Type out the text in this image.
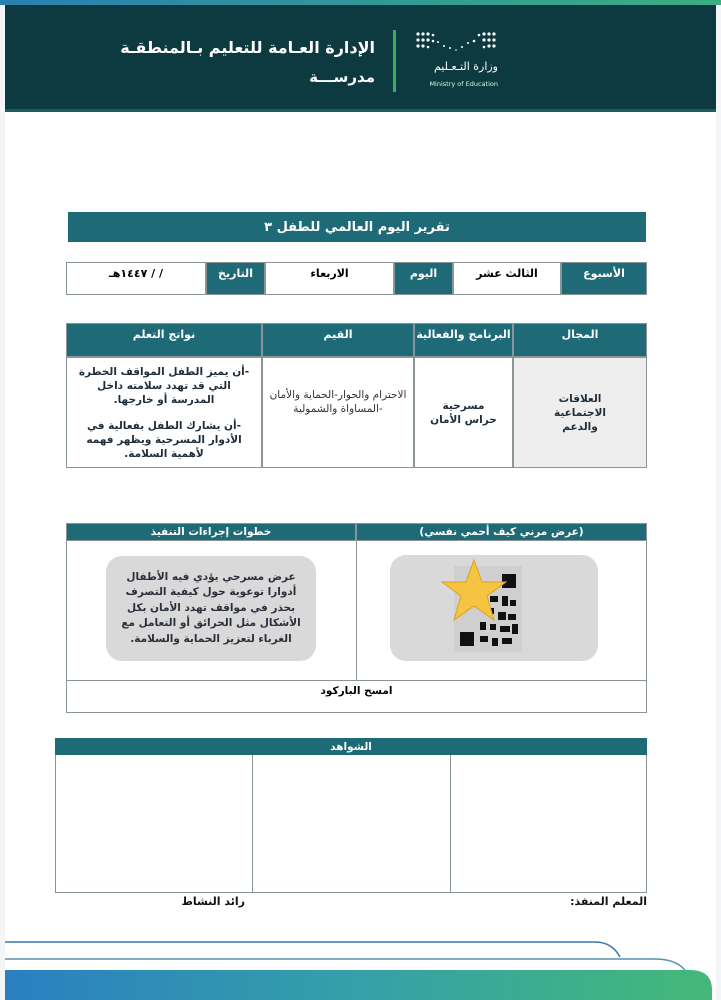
الإدارة العـامة للتعليم بـالمنطقـة
مدرســـة
وزارة التـعـليم
Ministry of Education
تقرير اليوم العالمي للطفل ٣
الأسبوع
الثالث عشر
اليوم
الاربعاء
التاريخ
/ / ١٤٤٧هـ
المجال
البرنامج والفعالية
القيم
نواتج التعلم
العلاقات الاجتماعية والدعم
مسرحية حراس الأمان
الاحترام والحوار-الحماية والأمان -المساواة والشمولية
-أن يميز الطفل المواقف الخطرة التي قد تهدد سلامته داخل المدرسة أو خارجها.
-أن يشارك الطفل بفعالية في الأدوار المسرحية ويظهر فهمه لأهمية السلامة.
(عرض مرني كيف أحمي نفسي)
خطوات إجراءات التنفيذ
عرض مسرحي يؤدي فيه الأطفال أدوارا توعوية حول كيفية التصرف بحذر في مواقف تهدد الأمان بكل الأشكال مثل الحرائق أو التعامل مع الغرباء لتعزيز الحماية والسلامة.
امسح الباركود
الشواهد
المعلم المنفذ:
رائد النشاط
